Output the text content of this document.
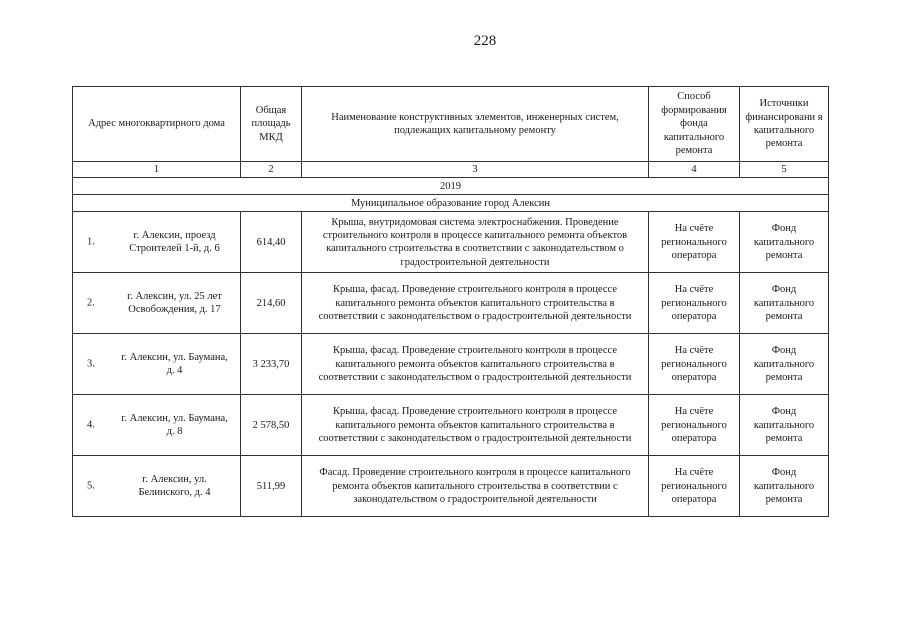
228
Адрес многоквартирного дома	Общая площадь МКД	Наименование конструктивных элементов, инженерных систем, подлежащих капитальному ремонту	Способ формирования фонда капитального ремонта	Источники финансировани я капитального ремонта
1	2	3	4	5
2019				
Муниципальное образование город Алексин				

1.
г. Алексин, проезд Строителей 1-й, д. 6	614,40	Крыша, внутридомовая система электроснабжения. Проведение строительного контроля в процессе капитального ремонта объектов капитального строительства в соответствии с законодательством о градостроительной деятельности	На счёте регионального оператора	Фонд капитального ремонта

2.
г. Алексин, ул. 25 лет Освобождения, д. 17	214,60	Крыша, фасад. Проведение строительного контроля в процессе капитального ремонта объектов капитального строительства в соответствии с законодательством о градостроительной деятельности	На счёте регионального оператора	Фонд капитального ремонта

3.
г. Алексин, ул. Баумана, д. 4	3 233,70	Крыша, фасад. Проведение строительного контроля в процессе капитального ремонта объектов капитального строительства в соответствии с законодательством о градостроительной деятельности	На счёте регионального оператора	Фонд капитального ремонта

4.
г. Алексин, ул. Баумана, д. 8	2 578,50	Крыша, фасад. Проведение строительного контроля в процессе капитального ремонта объектов капитального строительства в соответствии с законодательством о градостроительной деятельности	На счёте регионального оператора	Фонд капитального ремонта

5.
г. Алексин, ул. Белинского, д. 4	511,99	Фасад. Проведение строительного контроля в процессе капитального ремонта объектов капитального строительства в соответствии с законодательством о градостроительной деятельности	На счёте регионального оператора	Фонд капитального ремонта
